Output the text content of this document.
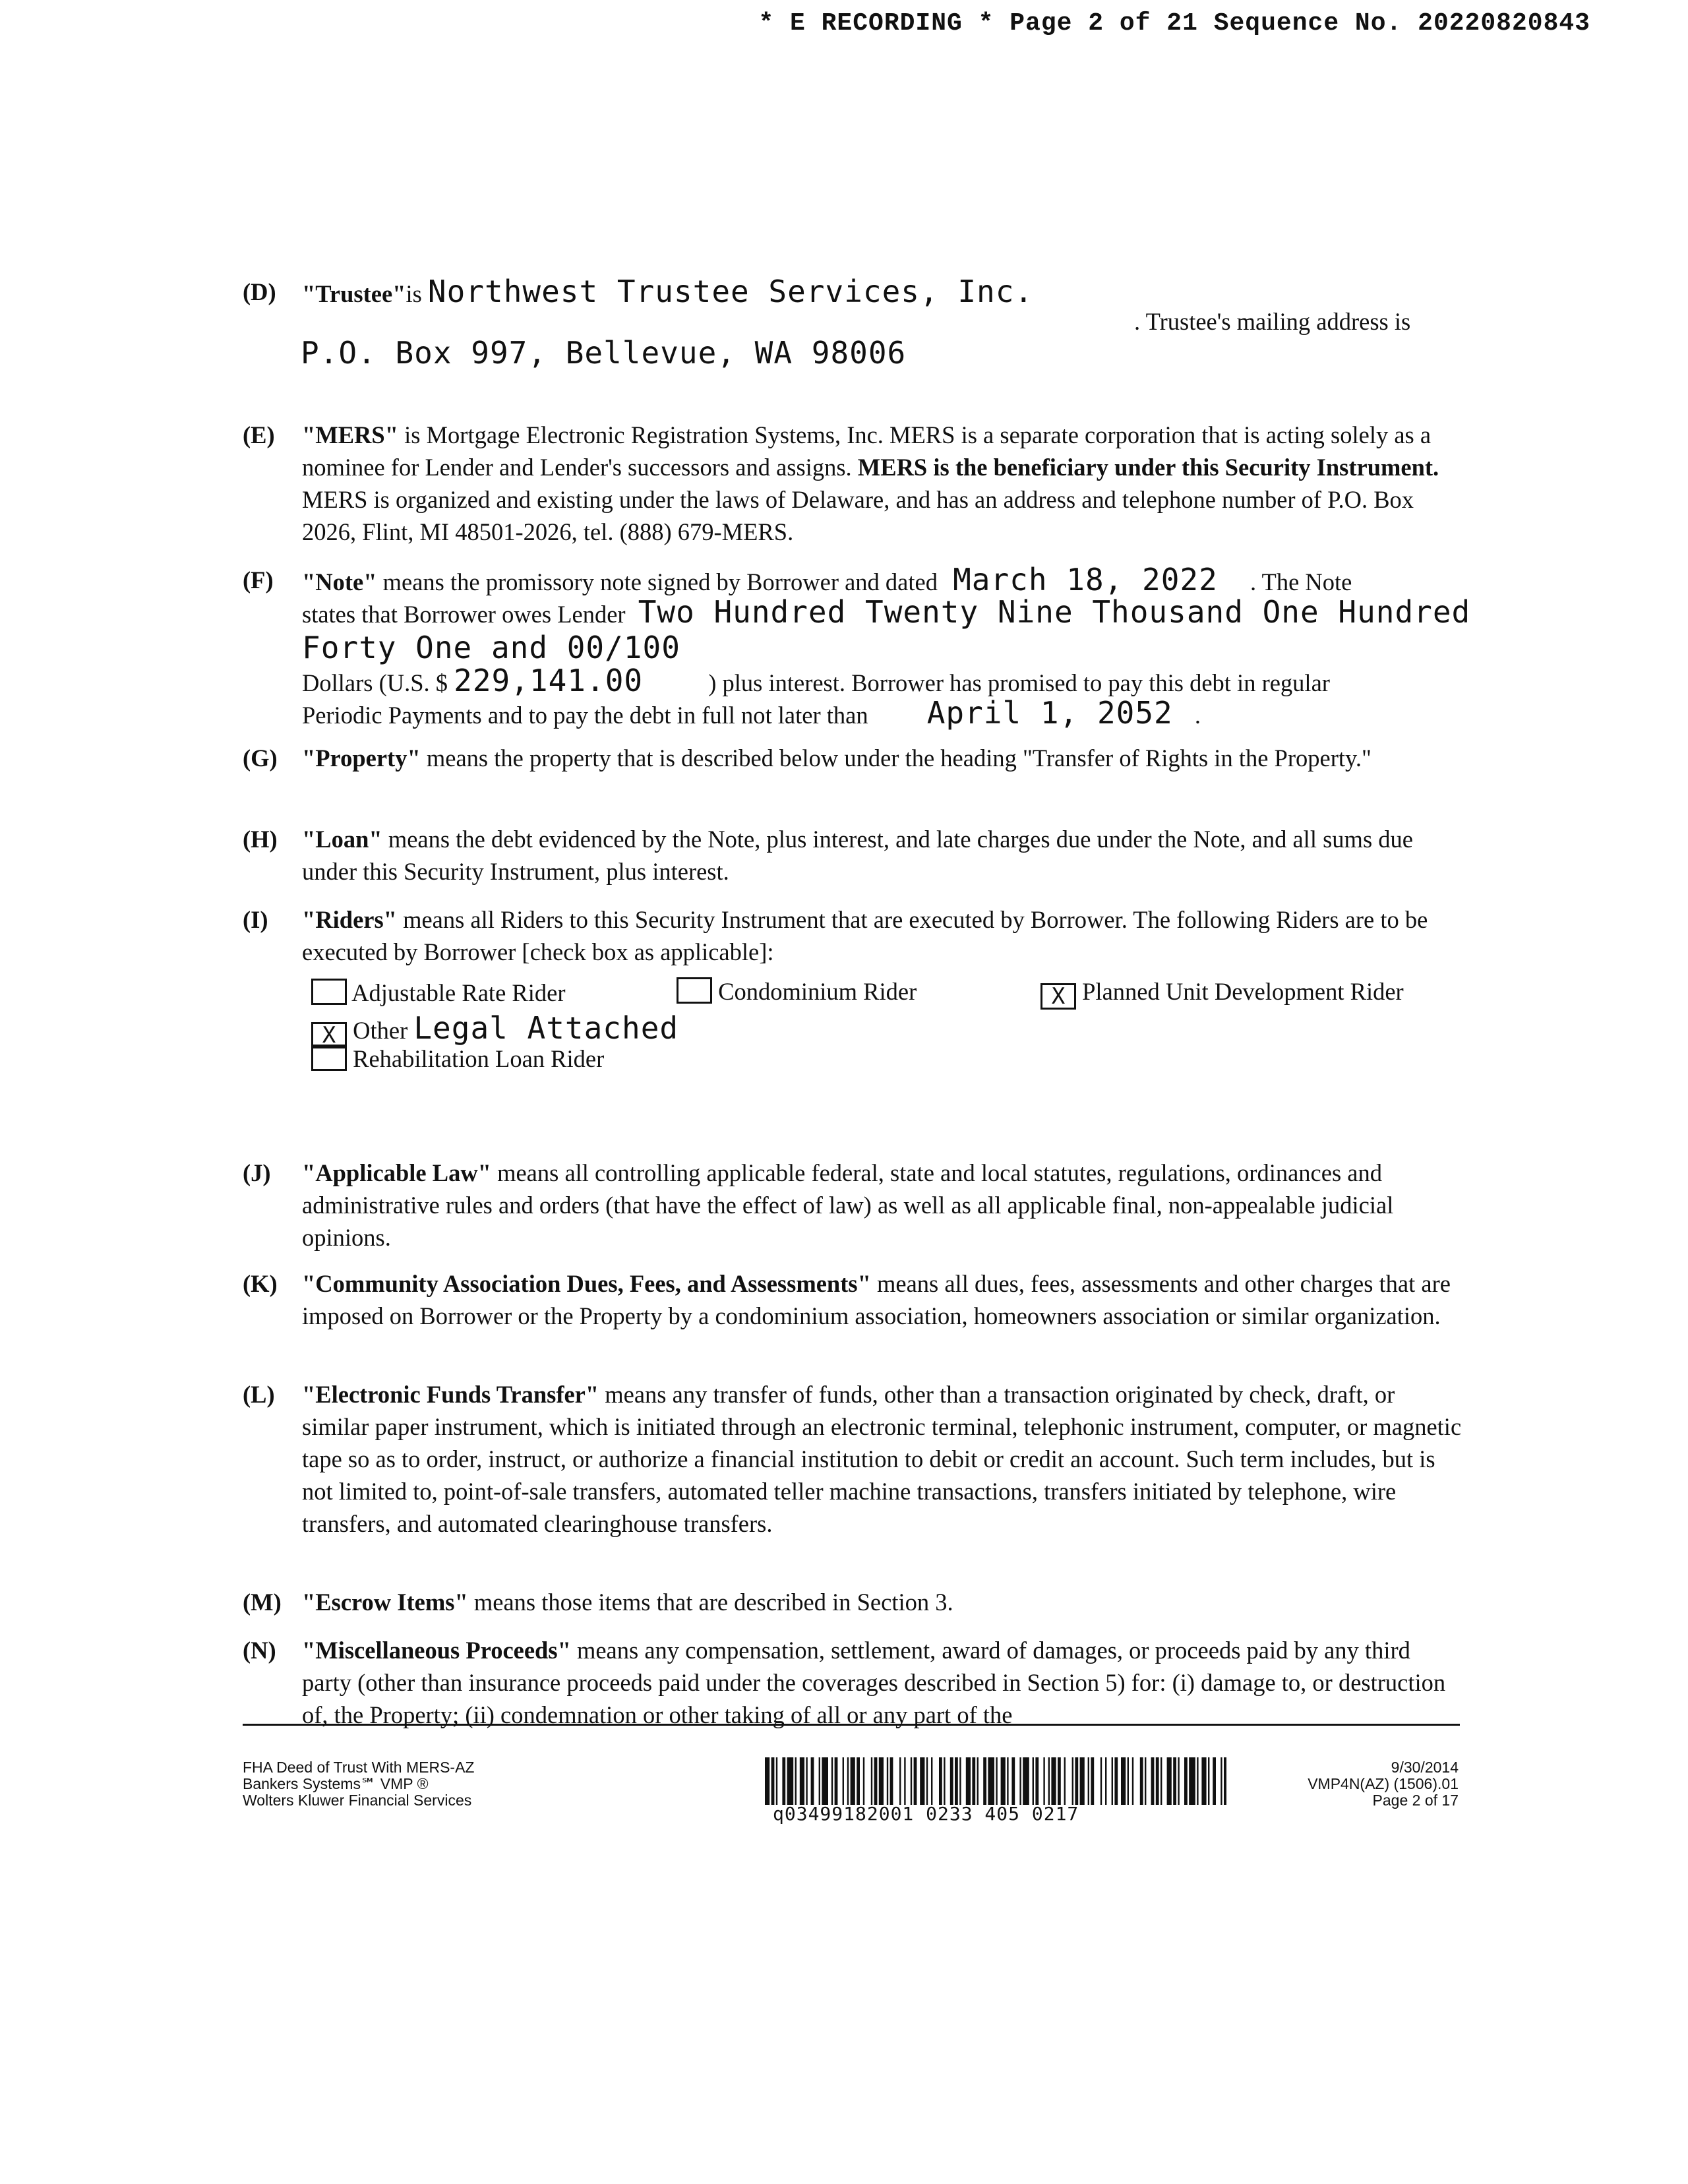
* E RECORDING * Page 2 of 21 Sequence No. 20220820843
(D) "Trustee"is Northwest Trustee Services, Inc.
. Trustee's mailing address is
P.O. Box 997, Bellevue, WA 98006
(E) "MERS" is Mortgage Electronic Registration Systems, Inc. MERS is a separate corporation that is acting solely as a nominee for Lender and Lender's successors and assigns. MERS is the beneficiary under this Security Instrument. MERS is organized and existing under the laws of Delaware, and has an address and telephone number of P.O. Box 2026, Flint, MI 48501-2026, tel. (888) 679-MERS.
(F) "Note" means the promissory note signed by Borrower and dated March 18, 2022 . The Note
states that Borrower owes Lender Two Hundred Twenty Nine Thousand One Hundred
Forty One and 00/100
Dollars (U.S. $ 229,141.00	) plus interest. Borrower has promised to pay this debt in regular
Periodic Payments and to pay the debt in full not later than April 1, 2052 .
(G) "Property" means the property that is described below under the heading "Transfer of Rights in the Property."
(H) "Loan" means the debt evidenced by the Note, plus interest, and late charges due under the Note, and all sums due under this Security Instrument, plus interest.
(I) "Riders" means all Riders to this Security Instrument that are executed by Borrower. The following Riders are to be executed by Borrower [check box as applicable]:
Adjustable Rate Rider	Condominium Rider	X Planned Unit Development Rider
X Other Legal Attached
Rehabilitation Loan Rider
(J) "Applicable Law" means all controlling applicable federal, state and local statutes, regulations, ordinances and administrative rules and orders (that have the effect of law) as well as all applicable final, non-appealable judicial opinions.
(K) "Community Association Dues, Fees, and Assessments" means all dues, fees, assessments and other charges that are imposed on Borrower or the Property by a condominium association, homeowners association or similar organization.
(L) "Electronic Funds Transfer" means any transfer of funds, other than a transaction originated by check, draft, or similar paper instrument, which is initiated through an electronic terminal, telephonic instrument, computer, or magnetic tape so as to order, instruct, or authorize a financial institution to debit or credit an account. Such term includes, but is not limited to, point-of-sale transfers, automated teller machine transactions, transfers initiated by telephone, wire transfers, and automated clearinghouse transfers.
(M) "Escrow Items" means those items that are described in Section 3.
(N) "Miscellaneous Proceeds" means any compensation, settlement, award of damages, or proceeds paid by any third party (other than insurance proceeds paid under the coverages described in Section 5) for: (i) damage to, or destruction of, the Property; (ii) condemnation or other taking of all or any part of the
FHA Deed of Trust With MERS-AZ
Bankers Systems℠ VMP ®
Wolters Kluwer Financial Services
q03499182001 0233 405 0217
9/30/2014
VMP4N(AZ) (1506).01
Page 2 of 17
